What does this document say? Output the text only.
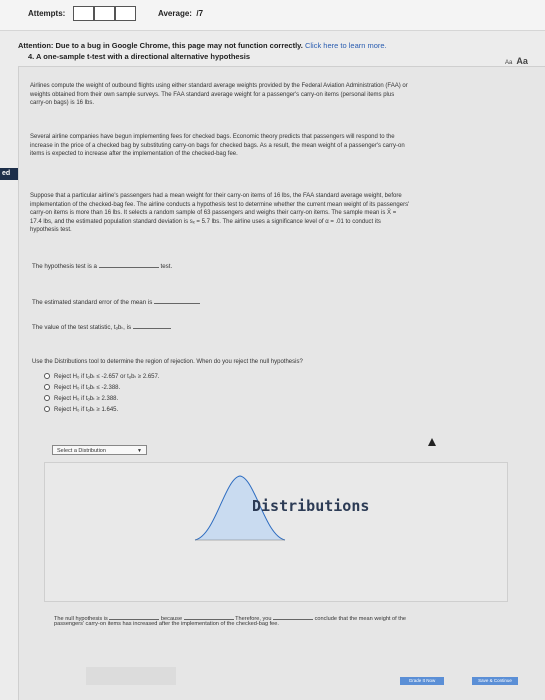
Attempts:	Average: /7
Attention: Due to a bug in Google Chrome, this page may not function correctly. Click here to learn more.
4. A one-sample t-test with a directional alternative hypothesis
Aa Aa
ed
Airlines compute the weight of outbound flights using either standard average weights provided by the Federal Aviation Administration (FAA) or
weights obtained from their own sample surveys. The FAA standard average weight for a passenger's carry-on items (personal items plus
carry-on bags) is 16 lbs.
Several airline companies have begun implementing fees for checked bags. Economic theory predicts that passengers will respond to the
increase in the price of a checked bag by substituting carry-on bags for checked bags. As a result, the mean weight of a passenger's carry-on
items is expected to increase after the implementation of the checked-bag fee.
Suppose that a particular airline's passengers had a mean weight for their carry-on items of 16 lbs, the FAA standard average weight, before
implementation of the checked-bag fee. The airline conducts a hypothesis test to determine whether the current mean weight of its passengers'
carry-on items is more than 16 lbs. It selects a random sample of 63 passengers and weighs their carry-on items. The sample mean is X̄ =
17.4 lbs, and the estimated population standard deviation is sₓ = 5.7 lbs. The airline uses a significance level of α = .01 to conduct its
hypothesis test.
The hypothesis test is a	test.
The estimated standard error of the mean is
The value of the test statistic, tₒbₜ, is
Use the Distributions tool to determine the region of rejection. When do you reject the null hypothesis?
Reject H₀ if tₒbₜ ≤ -2.657 or tₒbₜ ≥ 2.657.
Reject H₀ if tₒbₜ ≤ -2.388.
Reject H₀ if tₒbₜ ≥ 2.388.
Reject H₀ if tₒbₜ ≥ 1.645.
Select a Distribution	▼
Distributions
The null hypothesis is	because	Therefore, you	conclude that the mean weight of the
passengers' carry-on items has increased after the implementation of the checked-bag fee.
Grade It Now	Save & Continue
